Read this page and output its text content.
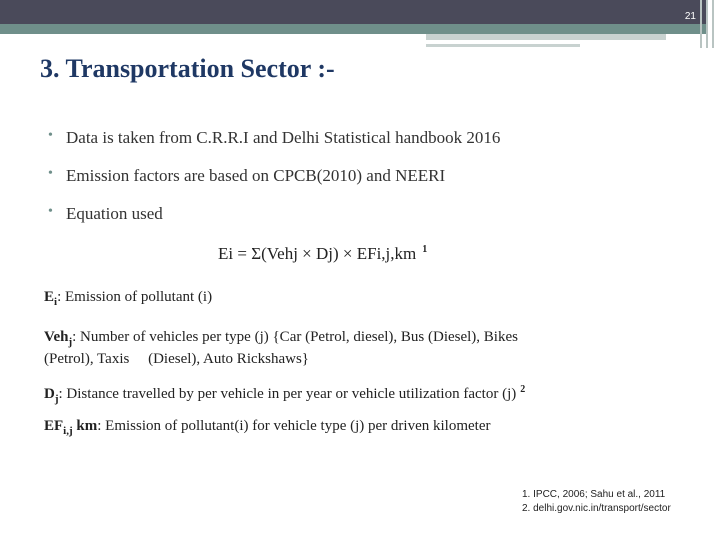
21
3. Transportation Sector :-
• Data is taken from C.R.R.I and Delhi Statistical handbook 2016
• Emission factors are based on CPCB(2010) and NEERI
• Equation used
Ei = Σ(Vehj × Dj) × EFi,j,km $^1$
$E_i$: Emission of pollutant (i)
Veh$_j$: Number of vehicles per type (j) {Car (Petrol, diesel), Bus (Diesel), Bikes
(Petrol), Taxis     (Diesel), Auto Rickshaws}
$D_j$: Distance travelled by per vehicle in per year or vehicle utilization factor (j) $^2$
$EF_{i,j}$ km: Emission of pollutant(i) for vehicle type (j) per driven kilometer
1. IPCC, 2006; Sahu et al., 2011
2. delhi.gov.nic.in/transport/sector
